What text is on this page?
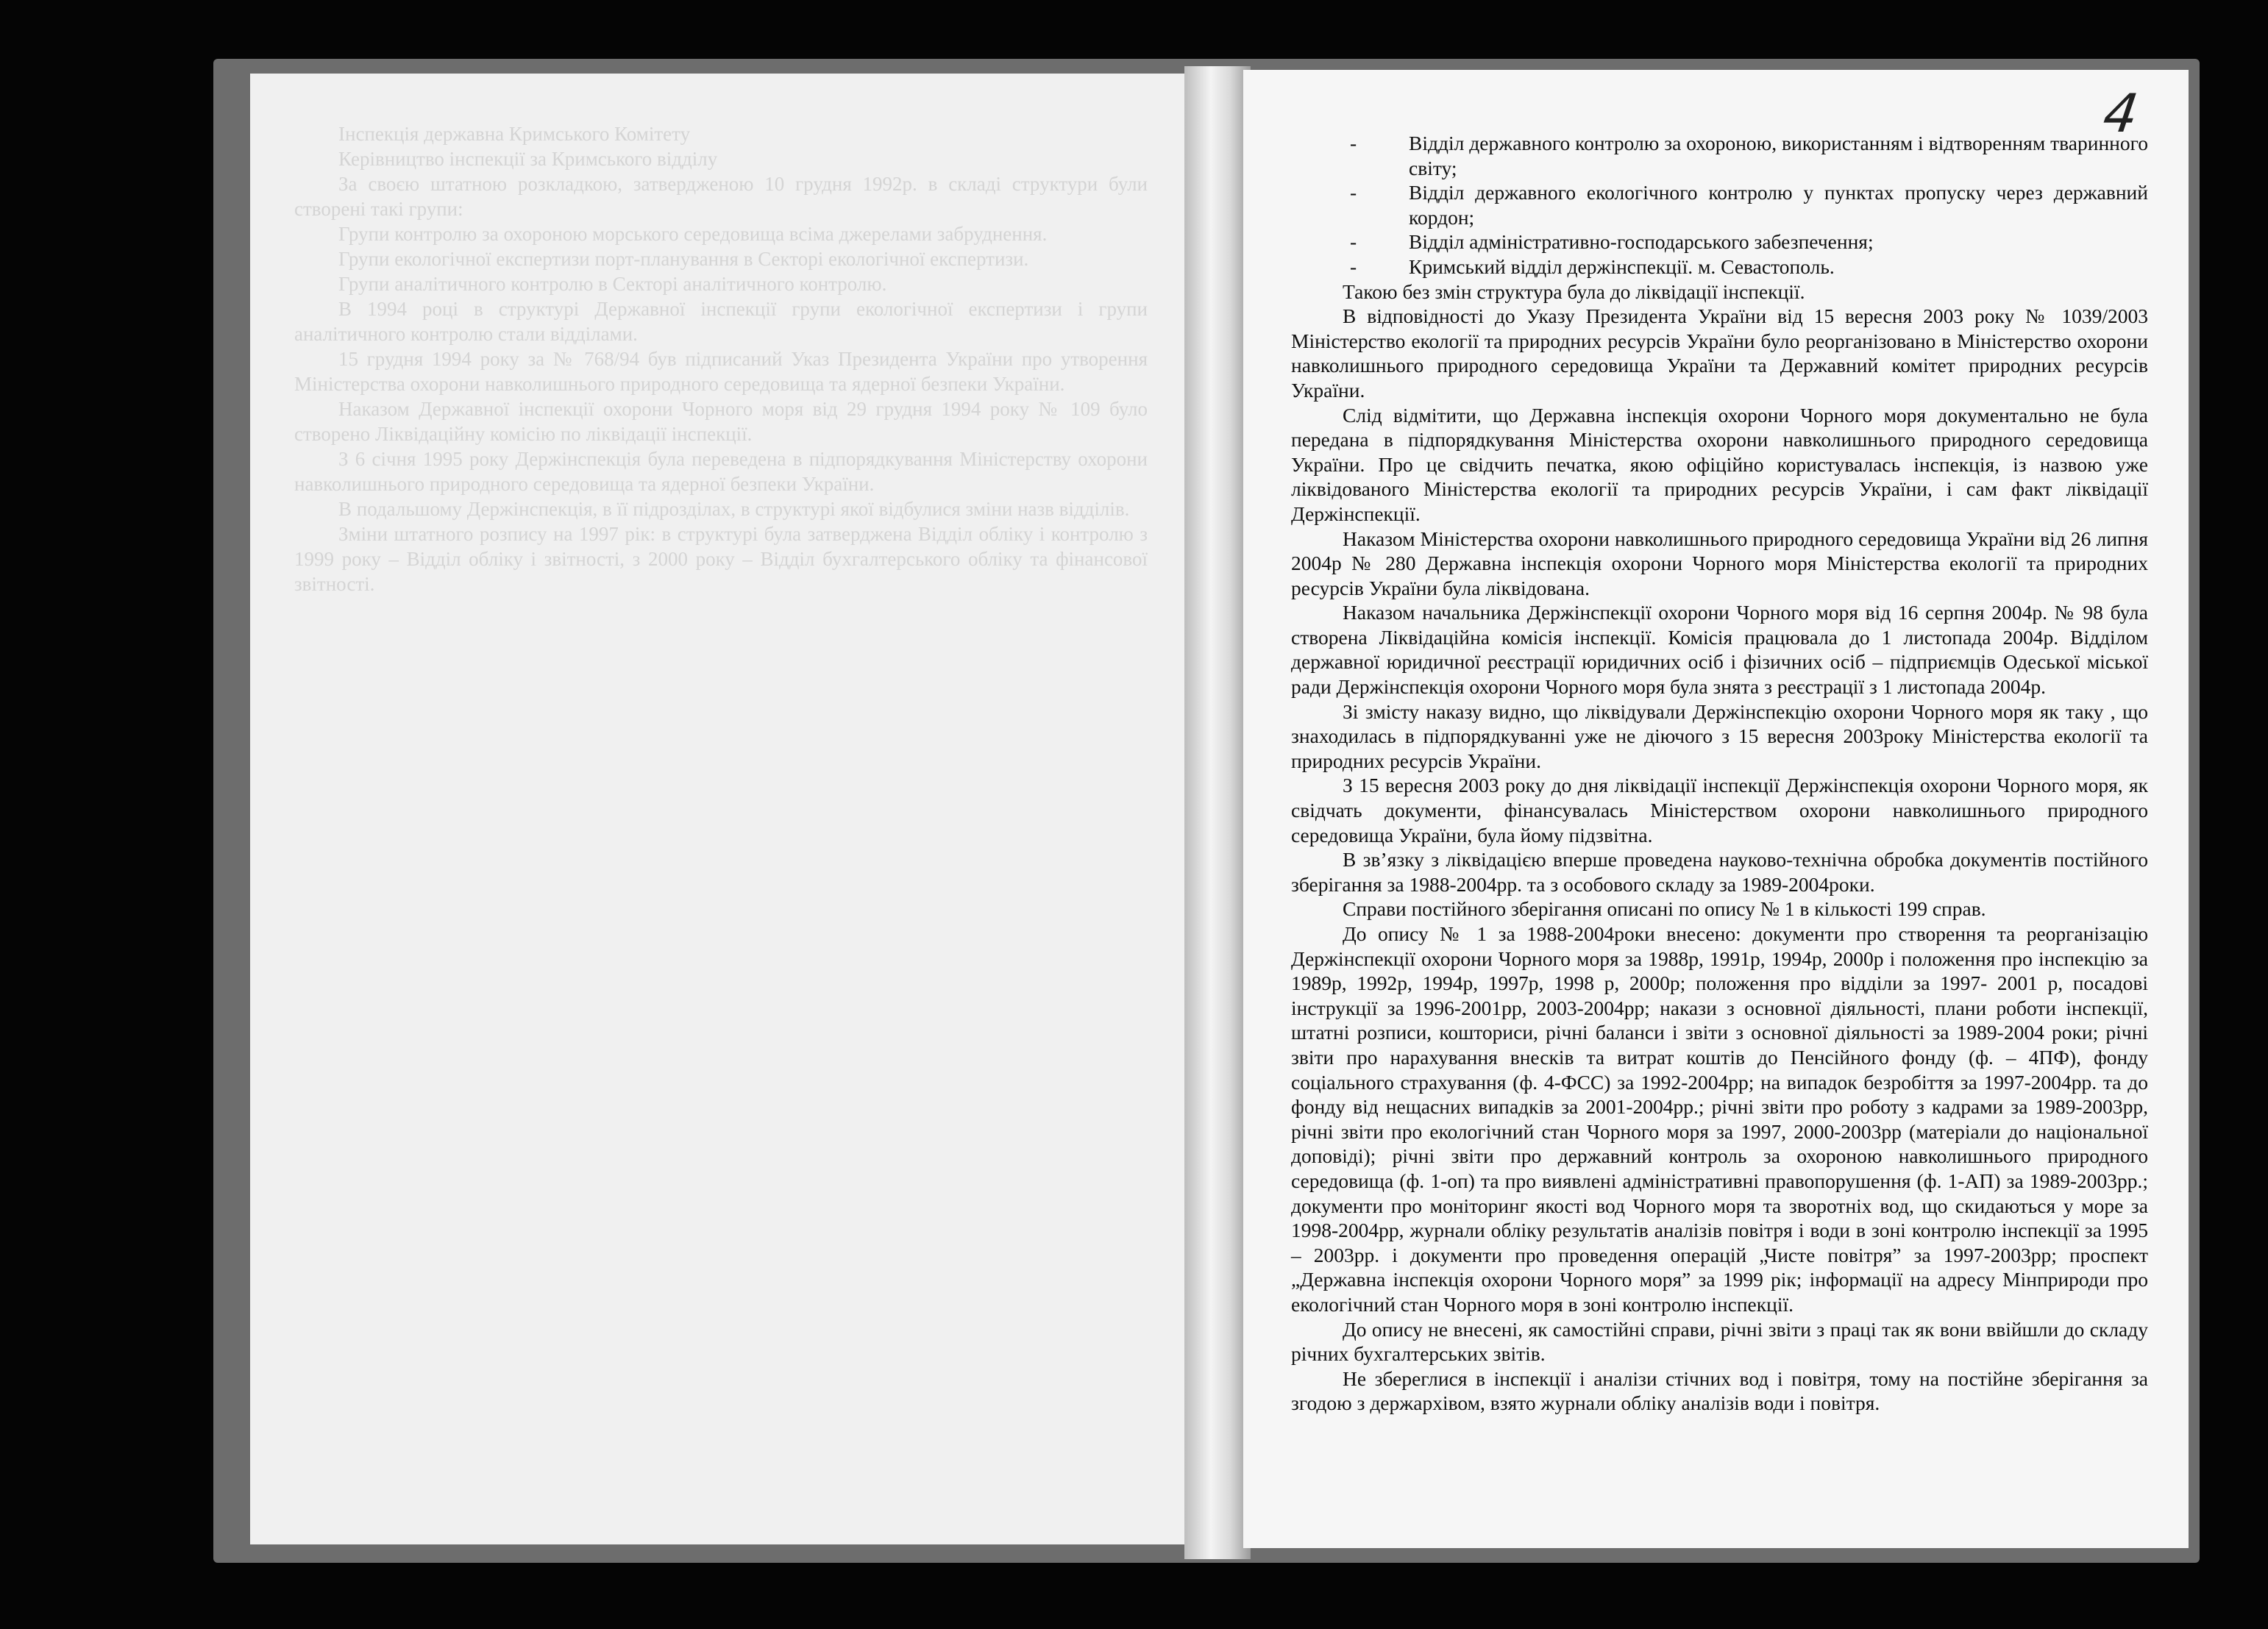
Інспекція державна Кримського Комітету

Керівництво інспекції за Кримського відділу

За своєю штатною розкладкою, затвердженою 10 грудня 1992р. в складі структури були створені такі групи:

Групи контролю за охороною морського середовища всіма джерелами забруднення.

Групи екологічної експертизи порт-планування в Секторі екологічної експертизи.

Групи аналітичного контролю в Секторі аналітичного контролю.

В 1994 році в структурі Державної інспекції групи екологічної експертизи і групи аналітичного контролю стали відділами.

15 грудня 1994 року за № 768/94 був підписаний Указ Президента України про утворення Міністерства охорони навколишнього природного середовища та ядерної безпеки України.

Наказом Державної інспекції охорони Чорного моря від 29 грудня 1994 року № 109 було створено Ліквідаційну комісію по ліквідації інспекції.

З 6 січня 1995 року Держінспекція була переведена в підпорядкування Міністерству охорони навколишнього природного середовища та ядерної безпеки України.

В подальшому Держінспекція, в її підрозділах, в структурі якої відбулися зміни назв відділів.

Зміни штатного розпису на 1997 рік: в структурі була затверджена Відділ обліку і контролю з 1999 року – Відділ обліку і звітності, з 2000 року – Відділ бухгалтерського обліку та фінансової звітності.

4
-	Відділ державного контролю за охороною, використанням і відтворенням тваринного світу;
-	Відділ державного екологічного контролю у пунктах пропуску через державний кордон;
-	Відділ адміністративно-господарського забезпечення;
-	Кримський відділ держінспекції. м. Севастополь.

Такою без змін структура була до ліквідації інспекції.

В відповідності до Указу Президента України від 15 вересня 2003 року № 1039/2003 Міністерство екології та природних ресурсів України було реорганізовано в Міністерство охорони навколишнього природного середовища України та Державний комітет природних ресурсів України.

Слід відмітити, що Державна інспекція охорони Чорного моря документально не була передана в підпорядкування Міністерства охорони навколишнього природного середовища України. Про це свідчить печатка, якою офіційно користувалась інспекція, із назвою уже ліквідованого Міністерства екології та природних ресурсів України, і сам факт ліквідації Держінспекції.

Наказом Міністерства охорони навколишнього природного середовища України від 26 липня 2004р № 280 Державна інспекція охорони Чорного моря Міністерства екології та природних ресурсів України була ліквідована.

Наказом начальника Держінспекції охорони Чорного моря від 16 серпня 2004р. № 98 була створена Ліквідаційна комісія інспекції. Комісія працювала до 1 листопада 2004р. Відділом державної юридичної реєстрації юридичних осіб і фізичних осіб – підприємців Одеської міської ради Держінспекція охорони Чорного моря була знята з реєстрації з 1 листопада 2004р.

Зі змісту наказу видно, що ліквідували Держінспекцію охорони Чорного моря як таку , що знаходилась в підпорядкуванні уже не діючого з 15 вересня 2003року Міністерства екології та природних ресурсів України.

З 15 вересня 2003 року до дня ліквідації інспекції Держінспекція охорони Чорного моря, як свідчать документи, фінансувалась Міністерством охорони навколишнього природного середовища України, була йому підзвітна.

В зв’язку з ліквідацією вперше проведена науково-технічна обробка документів постійного зберігання за 1988-2004рр. та з особового складу за 1989-2004роки.

Справи постійного зберігання описані по опису № 1 в кількості 199 справ.

До опису № 1 за 1988-2004роки внесено: документи про створення та реорганізацію Держінспекції охорони Чорного моря за 1988р, 1991р, 1994р, 2000р і положення про інспекцію за 1989р, 1992р, 1994р, 1997р, 1998 р, 2000р; положення про відділи за 1997- 2001 р, посадові інструкції за 1996-2001рр, 2003-2004рр; накази з основної діяльності, плани роботи інспекції, штатні розписи, кошториси, річні баланси і звіти з основної діяльності за 1989-2004 роки; річні звіти про нарахування внесків та витрат коштів до Пенсійного фонду (ф. – 4ПФ), фонду соціального страхування (ф. 4-ФСС) за 1992-2004рр; на випадок безробіття за 1997-2004рр. та до фонду від нещасних випадків за 2001-2004рр.; річні звіти про роботу з кадрами за 1989-2003рр, річні звіти про екологічний стан Чорного моря за 1997, 2000-2003рр (матеріали до національної доповіді); річні звіти про державний контроль за охороною навколишнього природного середовища (ф. 1-оп) та про виявлені адміністративні правопорушення (ф. 1-АП) за 1989-2003рр.; документи про моніторинг якості вод Чорного моря та зворотніх вод, що скидаються у море за 1998-2004рр, журнали обліку результатів аналізів повітря і води в зоні контролю інспекції за 1995 – 2003рр. і документи про проведення операцій „Чисте повітря” за 1997-2003рр; проспект „Державна інспекція охорони Чорного моря” за 1999 рік; інформації на адресу Мінприроди про екологічний стан Чорного моря в зоні контролю інспекції.

До опису не внесені, як самостійні справи, річні звіти з праці так як вони ввійшли до складу річних бухгалтерських звітів.

Не збереглися в інспекції і аналізи стічних вод і повітря, тому на постійне зберігання за згодою з держархівом, взято журнали обліку аналізів води і повітря.
